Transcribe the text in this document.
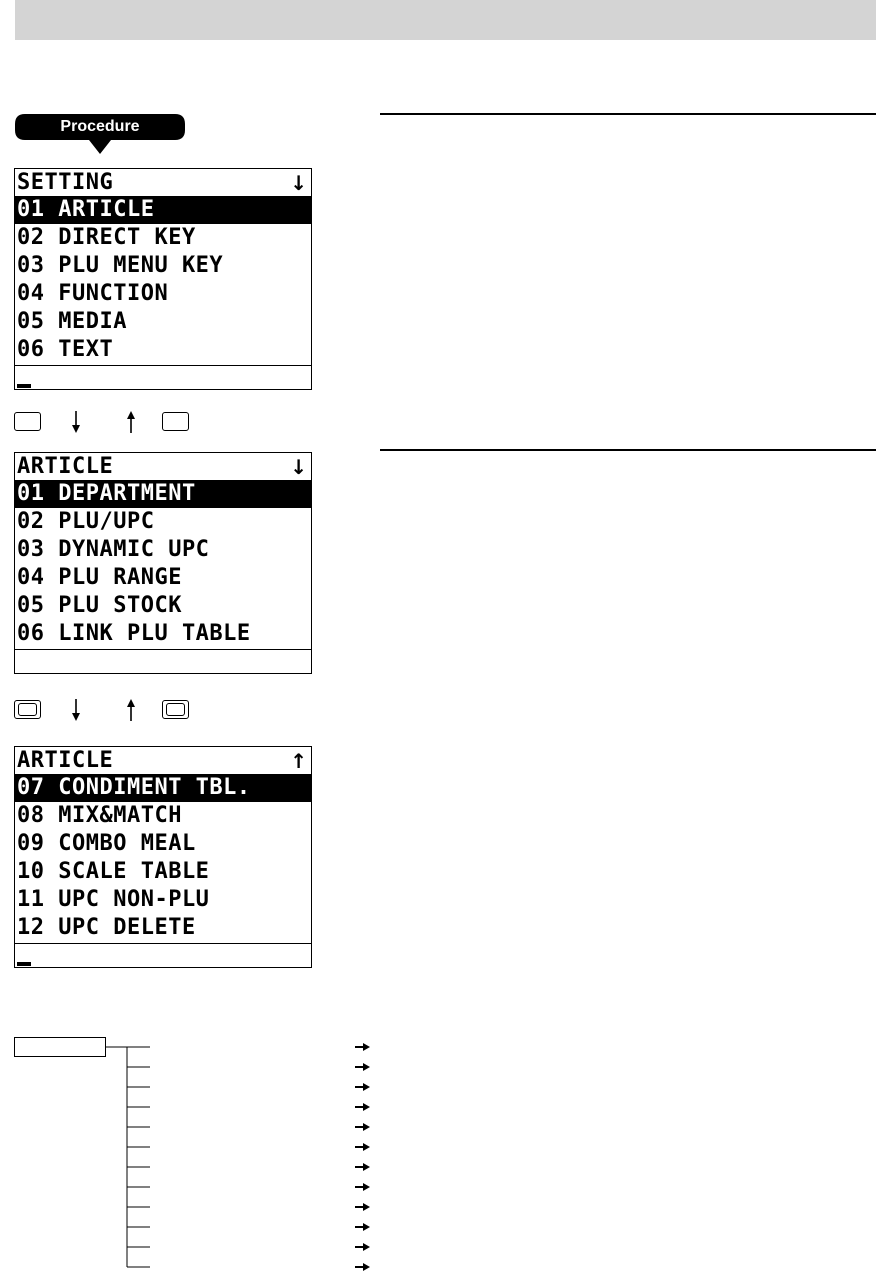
Procedure
SETTING	↓
01 ARTICLE
02 DIRECT KEY
03 PLU MENU KEY
04 FUNCTION
05 MEDIA
06 TEXT
ARTICLE	↓
01 DEPARTMENT
02 PLU/UPC
03 DYNAMIC UPC
04 PLU RANGE
05 PLU STOCK
06 LINK PLU TABLE
ARTICLE	↑
07 CONDIMENT TBL.
08 MIX&MATCH
09 COMBO MEAL
10 SCALE TABLE
11 UPC NON-PLU
12 UPC DELETE
